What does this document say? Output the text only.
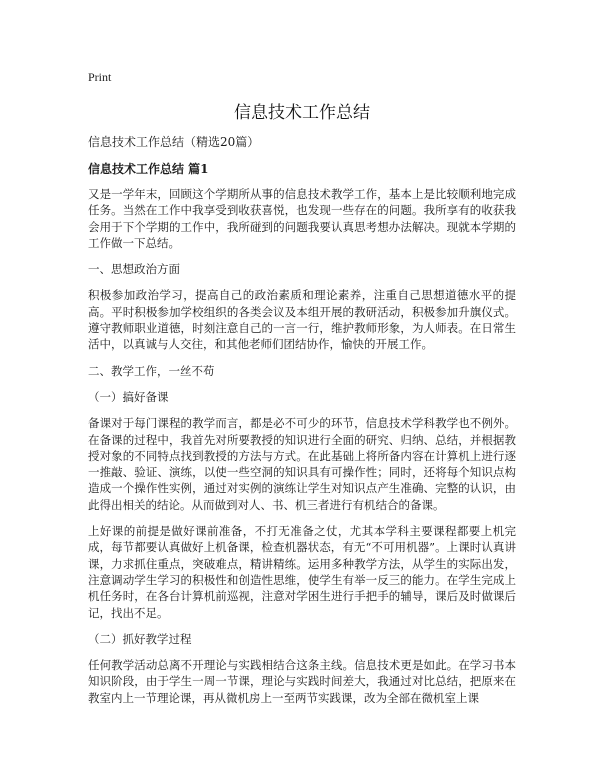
Print
信息技术工作总结

信息技术工作总结（精选20篇）

信息技术工作总结 篇1

又是一学年末，回顾这个学期所从事的信息技术教学工作，基本上是比较顺利地完成任务。当然在工作中我享受到收获喜悦，也发现一些存在的问题。我所享有的收获我会用于下个学期的工作中，我所碰到的问题我要认真思考想办法解决。现就本学期的工作做一下总结。

一、思想政治方面

积极参加政治学习，提高自己的政治素质和理论素养，注重自己思想道德水平的提高。平时积极参加学校组织的各类会议及本组开展的教研活动，积极参加升旗仪式。遵守教师职业道德，时刻注意自己的一言一行，维护教师形象，为人师表。在日常生活中，以真诚与人交往，和其他老师们团结协作，愉快的开展工作。

二、教学工作，一丝不苟

（一）搞好备课

备课对于每门课程的教学而言，都是必不可少的环节，信息技术学科教学也不例外。在备课的过程中，我首先对所要教授的知识进行全面的研究、归纳、总结，并根据教授对象的不同特点找到教授的方法与方式。在此基础上将所备内容在计算机上进行逐一推敲、验证、演练，以使一些空洞的知识具有可操作性；同时，还将每个知识点构造成一个操作性实例，通过对实例的演练让学生对知识点产生准确、完整的认识，由此得出相关的结论。从而做到对人、书、机三者进行有机结合的备课。

上好课的前提是做好课前准备，不打无准备之仗，尤其本学科主要课程都要上机完成，每节都要认真做好上机备课，检查机器状态，有无“不可用机器”。上课时认真讲课，力求抓住重点，突破难点，精讲精练。运用多种教学方法，从学生的实际出发，注意调动学生学习的积极性和创造性思维，使学生有举一反三的能力。在学生完成上机任务时，在各台计算机前巡视，注意对学困生进行手把手的辅导，课后及时做课后记，找出不足。

（二）抓好教学过程

任何教学活动总离不开理论与实践相结合这条主线。信息技术更是如此。在学习书本知识阶段，由于学生一周一节课，理论与实践时间差大，我通过对比总结，把原来在教室内上一节理论课，再从微机房上一至两节实践课，改为全部在微机室上课
